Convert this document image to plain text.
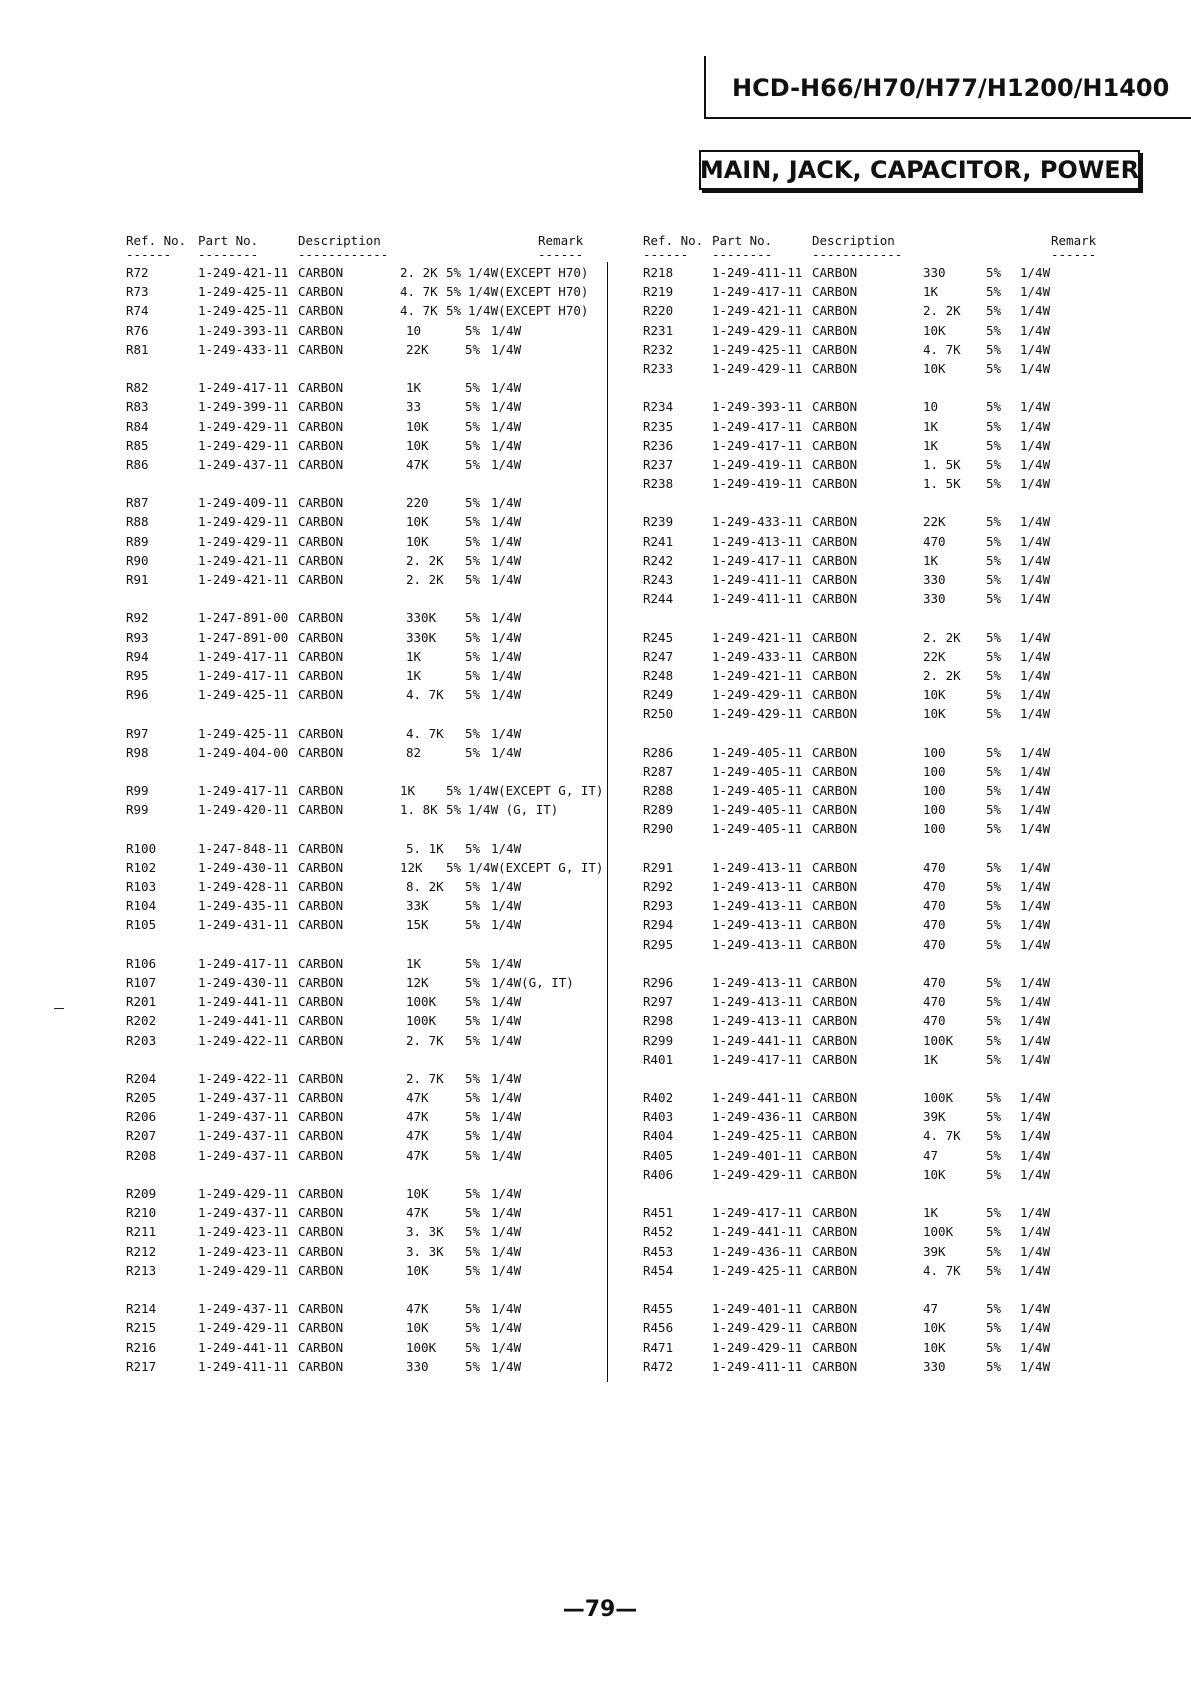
HCD-H66/H70/H77/H1200/H1400
MAIN, JACK, CAPACITOR, POWER
Ref. No. Part No.	Description	Remark
------ --------	------------	------
R72	1-249-421-11 CARBON	2. 2K 5% 1/4W(EXCEPT H70)
R73	1-249-425-11 CARBON	4. 7K 5% 1/4W(EXCEPT H70)
R74	1-249-425-11 CARBON	4. 7K 5% 1/4W(EXCEPT H70)
R76	1-249-393-11 CARBON	10	5% 1/4W
R81	1-249-433-11 CARBON	22K	5% 1/4W
R82	1-249-417-11 CARBON	1K	5% 1/4W
R83	1-249-399-11 CARBON	33	5% 1/4W
R84	1-249-429-11 CARBON	10K	5% 1/4W
R85	1-249-429-11 CARBON	10K	5% 1/4W
R86	1-249-437-11 CARBON	47K	5% 1/4W
R87	1-249-409-11 CARBON	220	5% 1/4W
R88	1-249-429-11 CARBON	10K	5% 1/4W
R89	1-249-429-11 CARBON	10K	5% 1/4W
R90	1-249-421-11 CARBON	2. 2K 5% 1/4W
R91	1-249-421-11 CARBON	2. 2K 5% 1/4W
R92	1-247-891-00 CARBON	330K 5% 1/4W
R93	1-247-891-00 CARBON	330K 5% 1/4W
R94	1-249-417-11 CARBON	1K	5% 1/4W
R95	1-249-417-11 CARBON	1K	5% 1/4W
R96	1-249-425-11 CARBON	4. 7K 5% 1/4W
R97	1-249-425-11 CARBON	4. 7K 5% 1/4W
R98	1-249-404-00 CARBON	82	5% 1/4W
R99	1-249-417-11 CARBON	1K 5% 1/4W(EXCEPT G, IT)
R99	1-249-420-11 CARBON	1. 8K 5% 1/4W (G, IT)
R100	1-247-848-11 CARBON	5. 1K 5% 1/4W
R102	1-249-430-11 CARBON	12K 5% 1/4W(EXCEPT G, IT)
R103	1-249-428-11 CARBON	8. 2K 5% 1/4W
R104	1-249-435-11 CARBON	33K	5% 1/4W
R105	1-249-431-11 CARBON	15K	5% 1/4W
R106	1-249-417-11 CARBON	1K	5% 1/4W
R107	1-249-430-11 CARBON	12K	5% 1/4W(G, IT)
R201	1-249-441-11 CARBON	100K 5% 1/4W
R202	1-249-441-11 CARBON	100K 5% 1/4W
R203	1-249-422-11 CARBON	2. 7K 5% 1/4W
R204	1-249-422-11 CARBON	2. 7K 5% 1/4W
R205	1-249-437-11 CARBON	47K	5% 1/4W
R206	1-249-437-11 CARBON	47K	5% 1/4W
R207	1-249-437-11 CARBON	47K	5% 1/4W
R208	1-249-437-11 CARBON	47K	5% 1/4W
R209	1-249-429-11 CARBON	10K	5% 1/4W
R210	1-249-437-11 CARBON	47K	5% 1/4W
R211	1-249-423-11 CARBON	3. 3K 5% 1/4W
R212	1-249-423-11 CARBON	3. 3K 5% 1/4W
R213	1-249-429-11 CARBON	10K	5% 1/4W
R214	1-249-437-11 CARBON	47K	5% 1/4W
R215	1-249-429-11 CARBON	10K	5% 1/4W
R216	1-249-441-11 CARBON	100K 5% 1/4W
R217	1-249-411-11 CARBON	330	5% 1/4W
Ref. No. Part No.	Description	Remark
------ --------	------------	------
R218	1-249-411-11 CARBON	330	5% 1/4W
R219	1-249-417-11 CARBON	1K	5% 1/4W
R220	1-249-421-11 CARBON	2. 2K 5% 1/4W
R231	1-249-429-11 CARBON	10K	5% 1/4W
R232	1-249-425-11 CARBON	4. 7K 5% 1/4W
R233	1-249-429-11 CARBON	10K	5% 1/4W
R234	1-249-393-11 CARBON	10	5% 1/4W
R235	1-249-417-11 CARBON	1K	5% 1/4W
R236	1-249-417-11 CARBON	1K	5% 1/4W
R237	1-249-419-11 CARBON	1. 5K 5% 1/4W
R238	1-249-419-11 CARBON	1. 5K 5% 1/4W
R239	1-249-433-11 CARBON	22K	5% 1/4W
R241	1-249-413-11 CARBON	470	5% 1/4W
R242	1-249-417-11 CARBON	1K	5% 1/4W
R243	1-249-411-11 CARBON	330	5% 1/4W
R244	1-249-411-11 CARBON	330	5% 1/4W
R245	1-249-421-11 CARBON	2. 2K 5% 1/4W
R247	1-249-433-11 CARBON	22K	5% 1/4W
R248	1-249-421-11 CARBON	2. 2K 5% 1/4W
R249	1-249-429-11 CARBON	10K	5% 1/4W
R250	1-249-429-11 CARBON	10K	5% 1/4W
R286	1-249-405-11 CARBON	100	5% 1/4W
R287	1-249-405-11 CARBON	100	5% 1/4W
R288	1-249-405-11 CARBON	100	5% 1/4W
R289	1-249-405-11 CARBON	100	5% 1/4W
R290	1-249-405-11 CARBON	100	5% 1/4W
R291	1-249-413-11 CARBON	470	5% 1/4W
R292	1-249-413-11 CARBON	470	5% 1/4W
R293	1-249-413-11 CARBON	470	5% 1/4W
R294	1-249-413-11 CARBON	470	5% 1/4W
R295	1-249-413-11 CARBON	470	5% 1/4W
R296	1-249-413-11 CARBON	470	5% 1/4W
R297	1-249-413-11 CARBON	470	5% 1/4W
R298	1-249-413-11 CARBON	470	5% 1/4W
R299	1-249-441-11 CARBON	100K	5% 1/4W
R401	1-249-417-11 CARBON	1K	5% 1/4W
R402	1-249-441-11 CARBON	100K	5% 1/4W
R403	1-249-436-11 CARBON	39K	5% 1/4W
R404	1-249-425-11 CARBON	4. 7K 5% 1/4W
R405	1-249-401-11 CARBON	47	5% 1/4W
R406	1-249-429-11 CARBON	10K	5% 1/4W
R451	1-249-417-11 CARBON	1K	5% 1/4W
R452	1-249-441-11 CARBON	100K	5% 1/4W
R453	1-249-436-11 CARBON	39K	5% 1/4W
R454	1-249-425-11 CARBON	4. 7K 5% 1/4W
R455	1-249-401-11 CARBON	47	5% 1/4W
R456	1-249-429-11 CARBON	10K	5% 1/4W
R471	1-249-429-11 CARBON	10K	5% 1/4W
R472	1-249-411-11 CARBON	330	5% 1/4W
—79—
